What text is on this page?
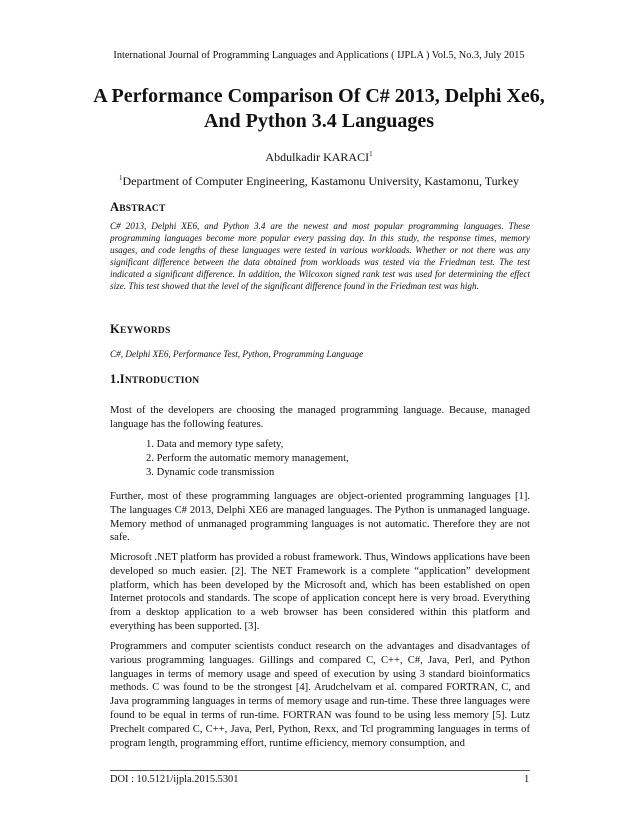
International Journal of Programming Languages and Applications ( IJPLA ) Vol.5, No.3, July 2015
A Performance Comparison Of C# 2013, Delphi Xe6, And Python 3.4 Languages
Abdulkadir KARACI$^1$
$^1$Department of Computer Engineering, Kastamonu University, Kastamonu, Turkey
ABSTRACT
C# 2013, Delphi XE6, and Python 3.4 are the newest and most popular programming languages. These programming languages become more popular every passing day. In this study, the response times, memory usages, and code lengths of these languages were tested in various workloads. Whether or not there was any significant difference between the data obtained from workloads was tested via the Friedman test. The test indicated a significant difference. In addition, the Wilcoxon signed rank test was used for determining the effect size. This test showed that the level of the significant difference found in the Friedman test was high.
KEYWORDS
C#, Delphi XE6, Performance Test, Python, Programming Language
1.INTRODUCTION

Most of the developers are choosing the managed programming language. Because, managed language has the following features.

1. Data and memory type safety,
2. Perform the automatic memory management,
3. Dynamic code transmission

Further, most of these programming languages are object-oriented programming languages [1]. The languages C# 2013, Delphi XE6 are managed languages. The Python is unmanaged language. Memory method of unmanaged programming languages is not automatic. Therefore they are not safe.

Microsoft .NET platform has provided a robust framework. Thus, Windows applications have been developed so much easier. [2]. The NET Framework is a complete “application” development platform, which has been developed by the Microsoft and, which has been established on open Internet protocols and standards. The scope of application concept here is very broad. Everything from a desktop application to a web browser has been considered within this platform and everything has been supported. [3].

Programmers and computer scientists conduct research on the advantages and disadvantages of various programming languages. Gillings and compared C, C++, C#, Java, Perl, and Python languages in terms of memory usage and speed of execution by using 3 standard bioinformatics methods. C was found to be the strongest [4]. Arudchelvam et al. compared FORTRAN, C, and Java programming languages in terms of memory usage and run-time. These three languages were found to be equal in terms of run-time. FORTRAN was found to be using less memory [5]. Lutz Prechelt compared C, C++, Java, Perl, Python, Rexx, and Tcl programming languages in terms of program length, programming effort, runtime efficiency, memory consumption, and

DOI : 10.5121/ijpla.2015.5301	1
